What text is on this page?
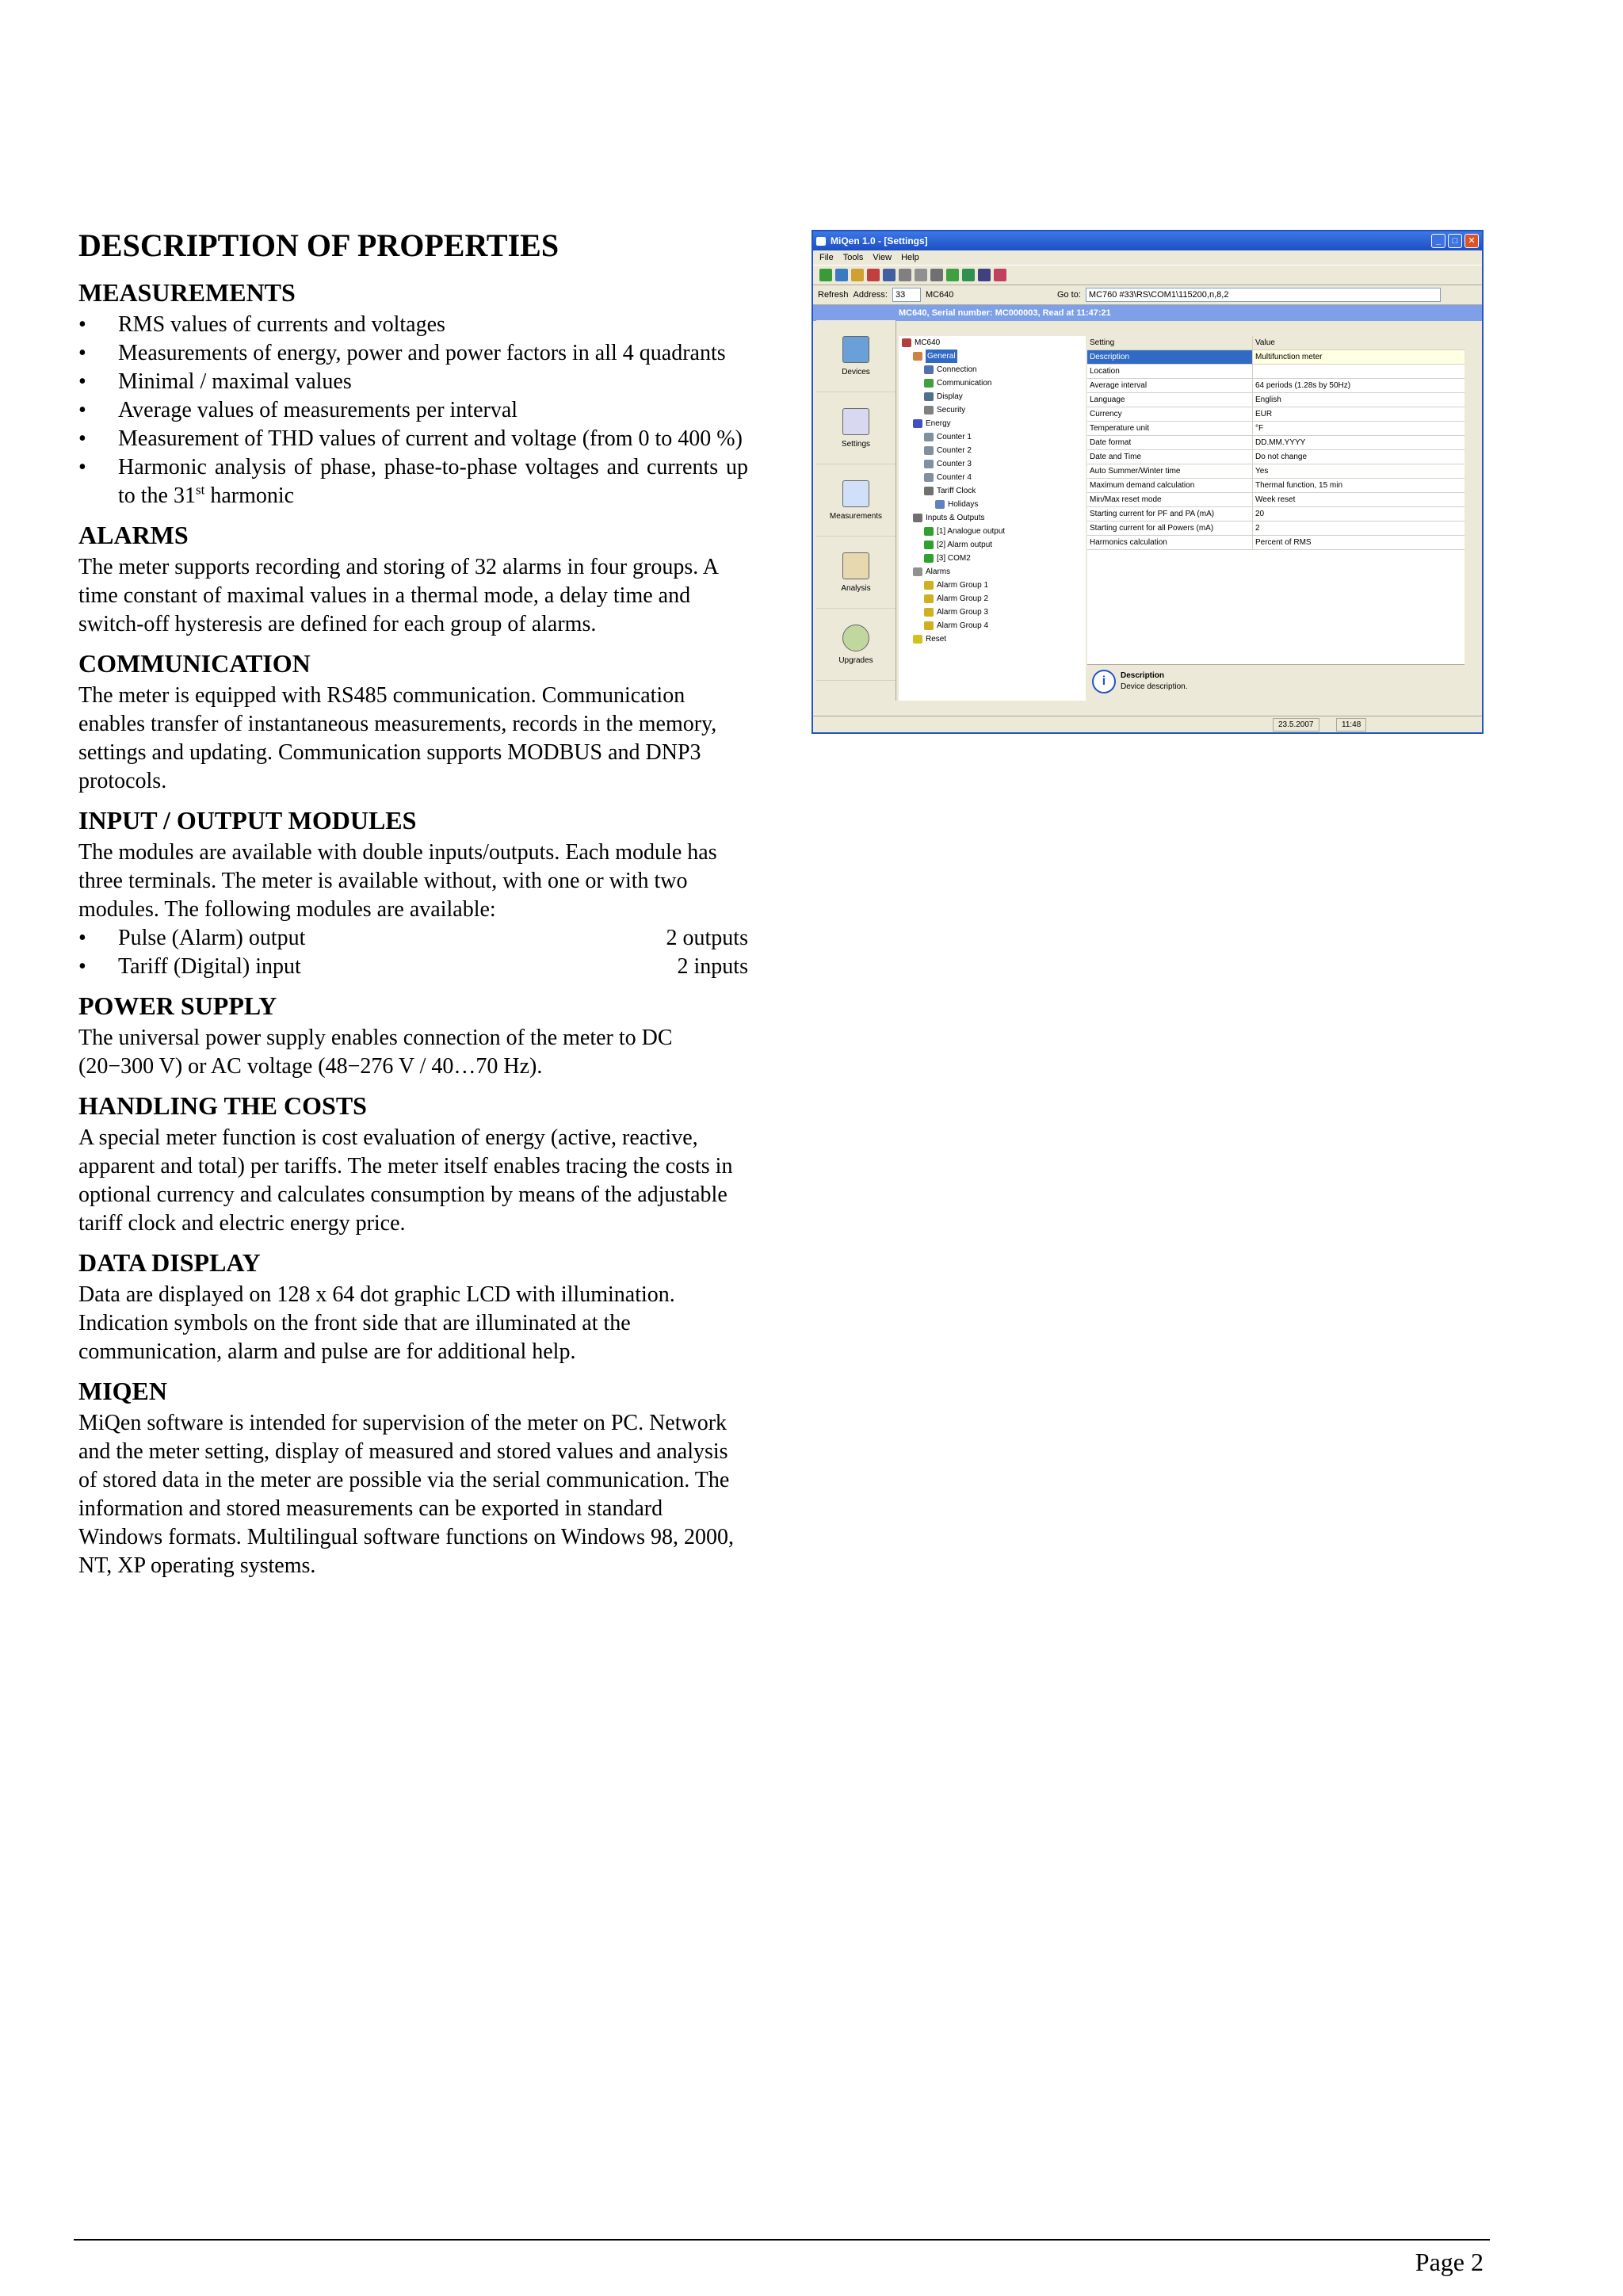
DESCRIPTION OF PROPERTIES
MEASUREMENTS
• RMS values of currents and voltages
• Measurements of energy, power and power factors in all 4 quadrants
• Minimal / maximal values
• Average values of measurements per interval
• Measurement of THD values of current and voltage (from 0 to 400 %)
• Harmonic analysis of phase, phase-to-phase voltages and currents up to the 31st harmonic
ALARMS

The meter supports recording and storing of 32 alarms in four groups. A time constant of maximal values in a thermal mode, a delay time and switch-off hysteresis are defined for each group of alarms.

COMMUNICATION

The meter is equipped with RS485 communication. Communication enables transfer of instantaneous measurements, records in the memory, settings and updating. Communication supports MODBUS and DNP3 protocols.

INPUT / OUTPUT MODULES

The modules are available with double inputs/outputs. Each module has three terminals. The meter is available without, with one or with two modules. The following modules are available:

• Pulse (Alarm) output	2 outputs
• Tariff (Digital) input	2 inputs
POWER SUPPLY

The universal power supply enables connection of the meter to DC (20−300 V) or AC voltage (48−276 V / 40…70 Hz).

HANDLING THE COSTS

A special meter function is cost evaluation of energy (active, reactive, apparent and total) per tariffs. The meter itself enables tracing the costs in optional currency and calculates consumption by means of the adjustable tariff clock and electric energy price.

DATA DISPLAY

Data are displayed on 128 x 64 dot graphic LCD with illumination. Indication symbols on the front side that are illuminated at the communication, alarm and pulse are for additional help.

MIQEN

MiQen software is intended for supervision of the meter on PC. Network and the meter setting, display of measured and stored values and analysis of stored data in the meter are possible via the serial communication. The information and stored measurements can be exported in standard Windows formats. Multilingual software functions on Windows 98, 2000, NT, XP operating systems.

MiQen 1.0 - [Settings]	_	□	✕
File Tools View Help
Refresh Address: 33	MC640	Go to: MC760 #33\RS\COM1\115200,n,8,2
MC640, Serial number: MC000003, Read at 11:47:21
Devices
Settings
Measurements
Analysis
Upgrades
MC640
General
Connection
Communication
Display
Security
Energy
Counter 1
Counter 2
Counter 3
Counter 4
Tariff Clock
Holidays
Inputs & Outputs
[1] Analogue output
[2] Alarm output
[3] COM2
Alarms
Alarm Group 1
Alarm Group 2
Alarm Group 3
Alarm Group 4
Reset
Setting	Value
Description	Multifunction meter
Location
Average interval	64 periods (1.28s by 50Hz)
Language	English
Currency	EUR
Temperature unit	°F
Date format	DD.MM.YYYY
Date and Time	Do not change
Auto Summer/Winter time	Yes
Maximum demand calculation	Thermal function, 15 min
Min/Max reset mode	Week reset
Starting current for PF and PA (mA)	20
Starting current for all Powers (mA)	2
Harmonics calculation	Percent of RMS
i	Description
Device description.
23.5.2007	11:48
Page 2
